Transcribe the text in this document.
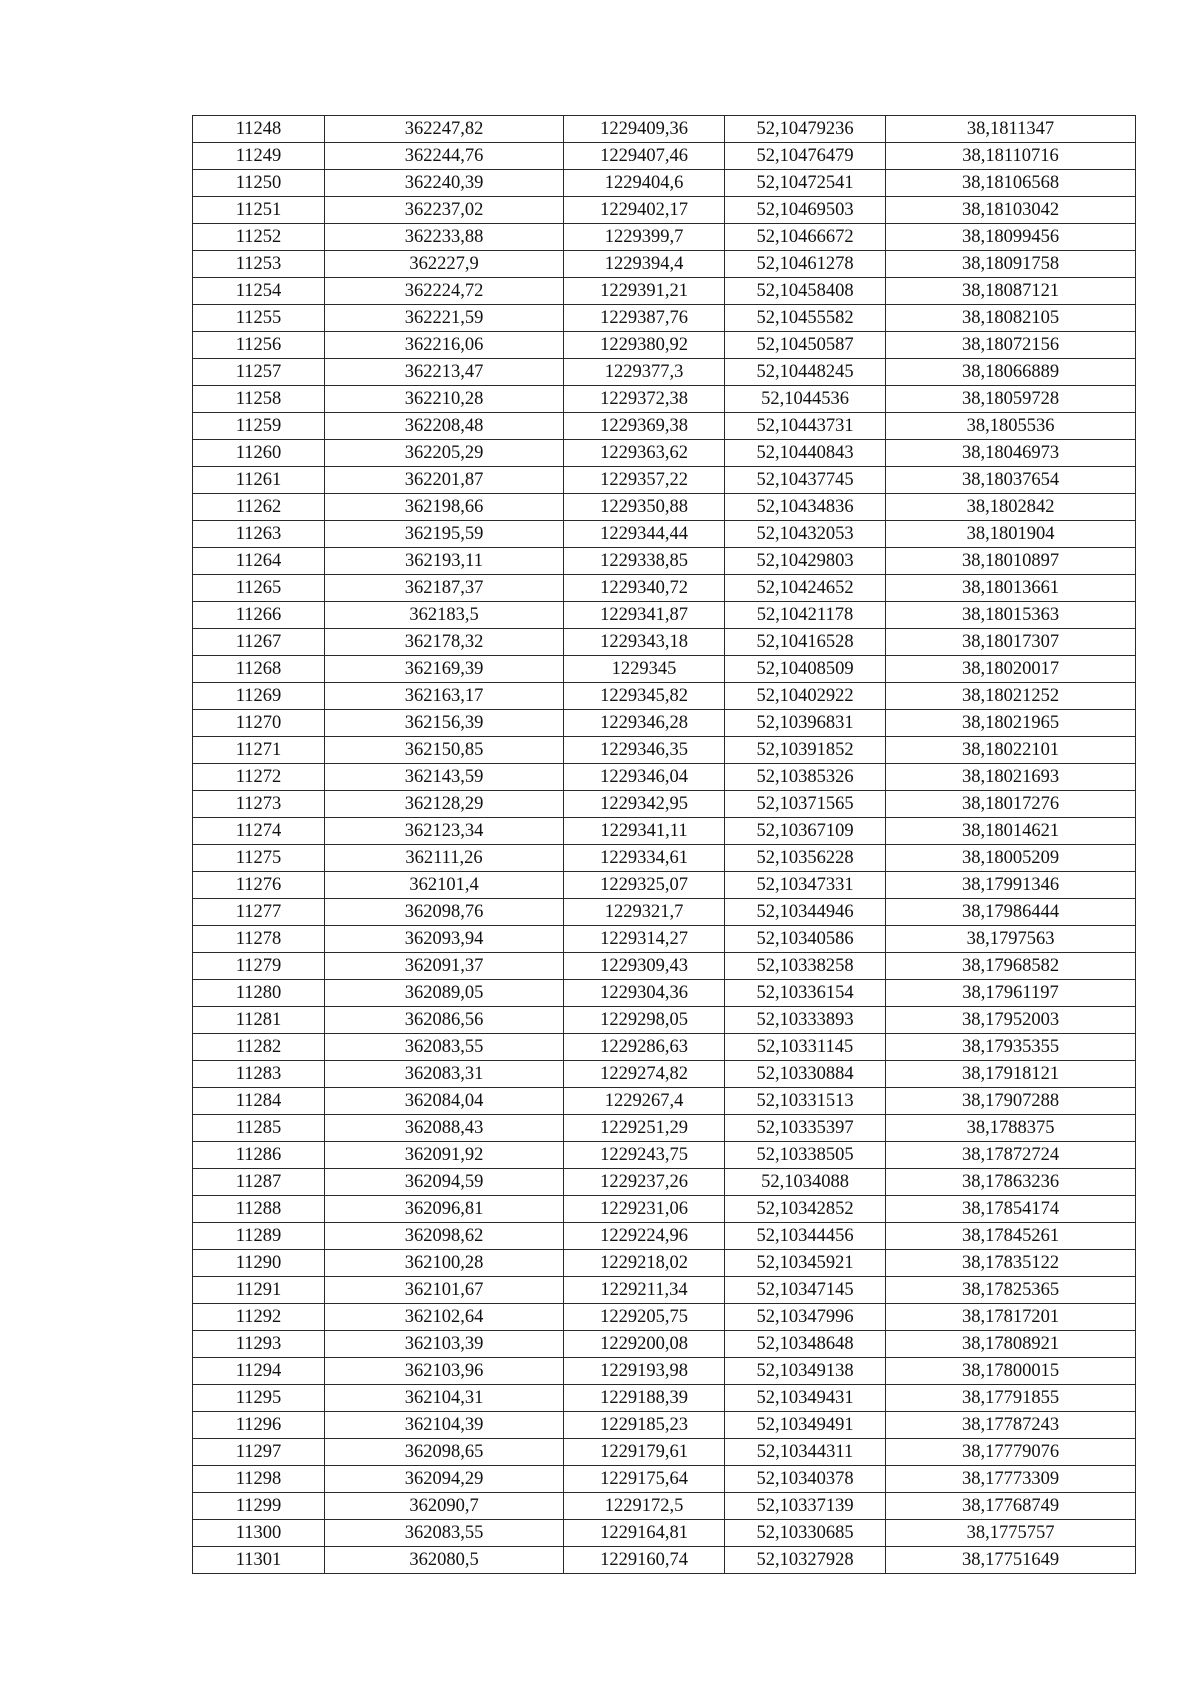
11248	362247,82	1229409,36	52,10479236	38,1811347
11249	362244,76	1229407,46	52,10476479	38,18110716
11250	362240,39	1229404,6	52,10472541	38,18106568
11251	362237,02	1229402,17	52,10469503	38,18103042
11252	362233,88	1229399,7	52,10466672	38,18099456
11253	362227,9	1229394,4	52,10461278	38,18091758
11254	362224,72	1229391,21	52,10458408	38,18087121
11255	362221,59	1229387,76	52,10455582	38,18082105
11256	362216,06	1229380,92	52,10450587	38,18072156
11257	362213,47	1229377,3	52,10448245	38,18066889
11258	362210,28	1229372,38	52,1044536	38,18059728
11259	362208,48	1229369,38	52,10443731	38,1805536
11260	362205,29	1229363,62	52,10440843	38,18046973
11261	362201,87	1229357,22	52,10437745	38,18037654
11262	362198,66	1229350,88	52,10434836	38,1802842
11263	362195,59	1229344,44	52,10432053	38,1801904
11264	362193,11	1229338,85	52,10429803	38,18010897
11265	362187,37	1229340,72	52,10424652	38,18013661
11266	362183,5	1229341,87	52,10421178	38,18015363
11267	362178,32	1229343,18	52,10416528	38,18017307
11268	362169,39	1229345	52,10408509	38,18020017
11269	362163,17	1229345,82	52,10402922	38,18021252
11270	362156,39	1229346,28	52,10396831	38,18021965
11271	362150,85	1229346,35	52,10391852	38,18022101
11272	362143,59	1229346,04	52,10385326	38,18021693
11273	362128,29	1229342,95	52,10371565	38,18017276
11274	362123,34	1229341,11	52,10367109	38,18014621
11275	362111,26	1229334,61	52,10356228	38,18005209
11276	362101,4	1229325,07	52,10347331	38,17991346
11277	362098,76	1229321,7	52,10344946	38,17986444
11278	362093,94	1229314,27	52,10340586	38,1797563
11279	362091,37	1229309,43	52,10338258	38,17968582
11280	362089,05	1229304,36	52,10336154	38,17961197
11281	362086,56	1229298,05	52,10333893	38,17952003
11282	362083,55	1229286,63	52,10331145	38,17935355
11283	362083,31	1229274,82	52,10330884	38,17918121
11284	362084,04	1229267,4	52,10331513	38,17907288
11285	362088,43	1229251,29	52,10335397	38,1788375
11286	362091,92	1229243,75	52,10338505	38,17872724
11287	362094,59	1229237,26	52,1034088	38,17863236
11288	362096,81	1229231,06	52,10342852	38,17854174
11289	362098,62	1229224,96	52,10344456	38,17845261
11290	362100,28	1229218,02	52,10345921	38,17835122
11291	362101,67	1229211,34	52,10347145	38,17825365
11292	362102,64	1229205,75	52,10347996	38,17817201
11293	362103,39	1229200,08	52,10348648	38,17808921
11294	362103,96	1229193,98	52,10349138	38,17800015
11295	362104,31	1229188,39	52,10349431	38,17791855
11296	362104,39	1229185,23	52,10349491	38,17787243
11297	362098,65	1229179,61	52,10344311	38,17779076
11298	362094,29	1229175,64	52,10340378	38,17773309
11299	362090,7	1229172,5	52,10337139	38,17768749
11300	362083,55	1229164,81	52,10330685	38,1775757
11301	362080,5	1229160,74	52,10327928	38,17751649
